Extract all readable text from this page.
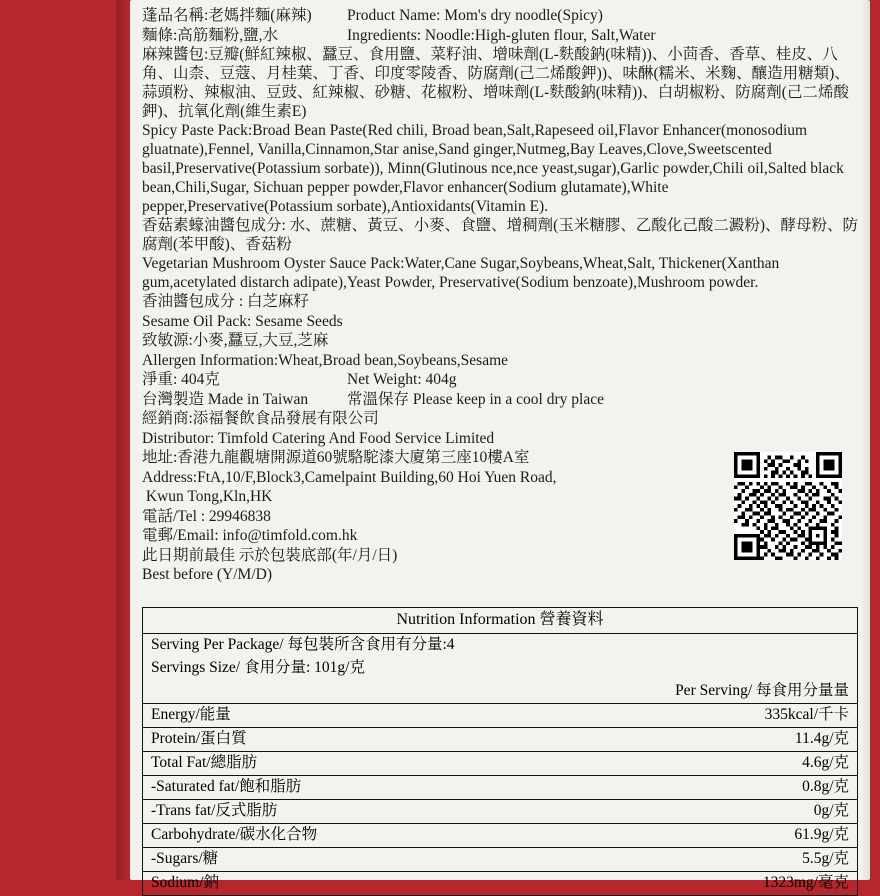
蓬品名稱:老媽拌麵(麻辣)	Product Name: Mom's dry noodle(Spicy)
麵條:高筋麵粉,鹽,水	Ingredients: Noodle:High-gluten flour, Salt,Water
麻辣醬包:豆瓣(鮮紅辣椒、蠶豆、食用鹽、菜籽油、增味劑(L-麩酸鈉(味精))、小茴香、香草、桂皮、八角、山柰、豆蔻、月桂葉、丁香、印度零陵香、防腐劑(己二烯酸鉀))、味醂(糯米、米麴、釀造用糖類)、蒜頭粉、辣椒油、豆豉、紅辣椒、砂糖、花椒粉、增味劑(L-麩酸鈉(味精))、白胡椒粉、防腐劑(己二烯酸鉀)、抗氧化劑(維生素E)
Spicy Paste Pack:Broad Bean Paste(Red chili, Broad bean,Salt,Rapeseed oil,Flavor Enhancer(monosodium gluatnate),Fennel, Vanilla,Cinnamon,Star anise,Sand ginger,Nutmeg,Bay Leaves,Clove,Sweetscented basil,Preservative(Potassium sorbate)), Minn(Glutinous nce,nce yeast,sugar),Garlic powder,Chili oil,Salted black bean,Chili,Sugar, Sichuan pepper powder,Flavor enhancer(Sodium glutamate),White pepper,Preservative(Potassium sorbate),Antioxidants(Vitamin E).
香菇素蠔油醬包成分: 水、蔗糖、黃豆、小麥、食鹽、增稠劑(玉米糖膠、乙酸化己酸二澱粉)、酵母粉、防腐劑(苯甲酸)、香菇粉
Vegetarian Mushroom Oyster Sauce Pack:Water,Cane Sugar,Soybeans,Wheat,Salt, Thickener(Xanthan gum,acetylated distarch adipate),Yeast Powder, Preservative(Sodium benzoate),Mushroom powder.
香油醬包成分 : 白芝麻籽
Sesame Oil Pack: Sesame Seeds
致敏源:小麥,蠶豆,大豆,芝麻
Allergen Information:Wheat,Broad bean,Soybeans,Sesame
淨重: 404克	Net Weight: 404g
台灣製造 Made in Taiwan	常溫保存 Please keep in a cool dry place
經銷商:添福餐飲食品發展有限公司
Distributor: Timfold Catering And Food Service Limited
地址:香港九龍觀塘開源道60號駱駝漆大廈第三座10樓A室
Address:FtA,10/F,Block3,Camelpaint Building,60 Hoi Yuen Road,
Kwun Tong,Kln,HK
電話/Tel : 29946838
電郵/Email: info@timfold.com.hk
此日期前最佳 示於包裝底部(年/月/日)
Best before (Y/M/D)
Nutrition Information 營養資料
Serving Per Package/ 每包裝所含食用有分量:4	
Servings Size/ 食用分量: 101g/克	
	Per Serving/ 每食用分量量
Energy/能量	335kcal/千卡
Protein/蛋白質	11.4g/克
Total Fat/總脂肪	4.6g/克
-Saturated fat/飽和脂肪	0.8g/克
-Trans fat/反式脂肪	0g/克
Carbohydrate/碳水化合物	61.9g/克
-Sugars/糖	5.5g/克
Sodium/鈉	1323mg/毫克
